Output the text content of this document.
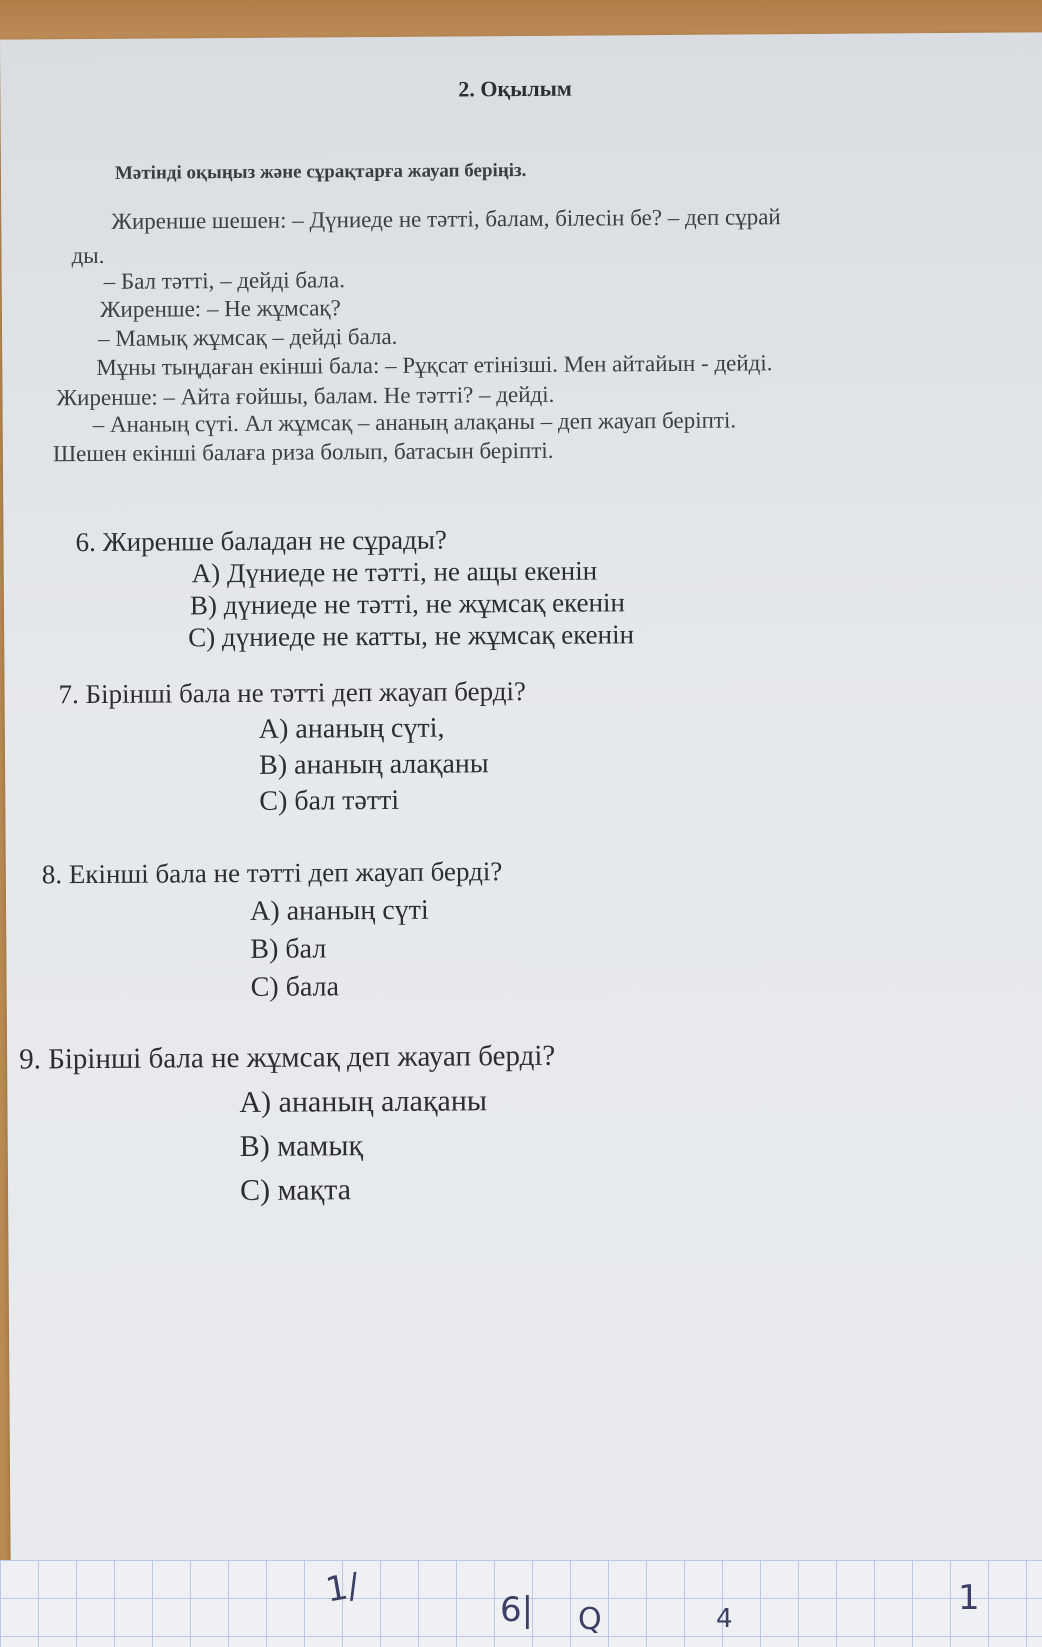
2. Оқылым
Мәтінді оқыңыз және сұрақтарға жауап беріңіз.
Жиренше шешен: – Дүниеде не тәтті, балам, білесін бе? – деп сұрай
ды.
– Бал тәтті, – дейді бала.
Жиренше: – Не жұмсақ?
– Мамық жұмсақ – дейді бала.
Мұны тыңдаған екінші бала: – Рұқсат етінізші. Мен айтайын - дейді.
Жиренше: – Айта ғойшы, балам. Не тәтті? – дейді.
– Ананың сүті. Ал жұмсақ – ананың алақаны – деп жауап беріпті.
Шешен екінші балаға риза болып, батасын беріпті.
6. Жиренше баладан не сұрады?
А) Дүниеде не тәтті, не ащы екенін
В) дүниеде не тәтті, не жұмсақ екенін
С) дүниеде не катты, не жұмсақ екенін
7. Бірінші бала не тәтті деп жауап берді?
А) ананың сүті,
В) ананың алақаны
С) бал тәтті
8. Екінші бала не тәтті деп жауап берді?
А) ананың сүті
В) бал
С) бала
9. Бірінші бала не жұмсақ деп жауап берді?
А) ананың алақаны
В) мамық
С) мақта
1/	6| Q	4
1
